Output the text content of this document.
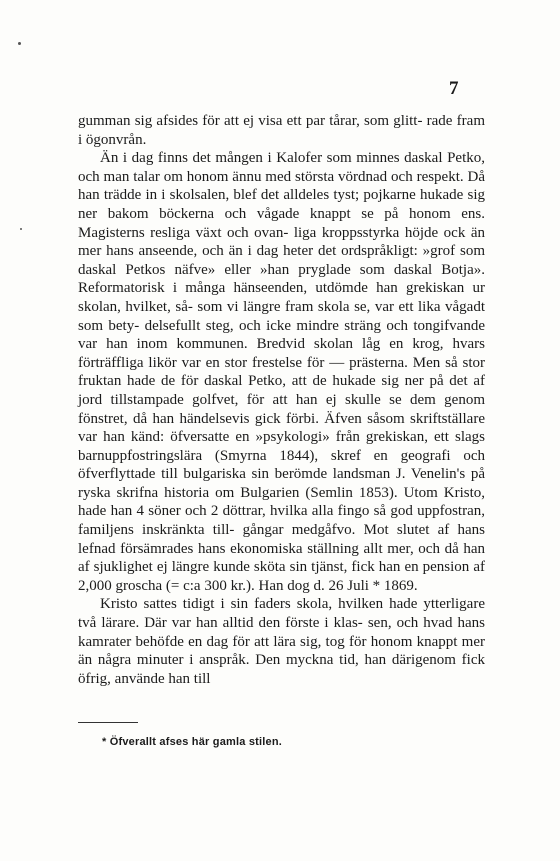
7

gumman sig afsides för att ej visa ett par tårar, som glitt- rade fram i ögonvrån.

Än i dag finns det mången i Kalofer som minnes daskal Petko, och man talar om honom ännu med största vördnad och respekt. Då han trädde in i skolsalen, blef det alldeles tyst; pojkarne hukade sig ner bakom böckerna och vågade knappt se på honom ens. Magisterns resliga växt och ovan- liga kroppsstyrka höjde ock än mer hans anseende, och än i dag heter det ordspråkligt: »grof som daskal Petkos näfve» eller »han pryglade som daskal Botja». Reformatorisk i många hänseenden, utdömde han grekiskan ur skolan, hvilket, så- som vi längre fram skola se, var ett lika vågadt som bety- delsefullt steg, och icke mindre sträng och tongifvande var han inom kommunen. Bredvid skolan låg en krog, hvars förträffliga likör var en stor frestelse för — prästerna. Men så stor fruktan hade de för daskal Petko, att de hukade sig ner på det af jord tillstampade golfvet, för att han ej skulle se dem genom fönstret, då han händelsevis gick förbi. Äfven såsom skriftställare var han känd: öfversatte en »psykologi» från grekiskan, ett slags barnuppfostringslära (Smyrna 1844), skref en geografi och öfverflyttade till bulgariska sin berömde landsman J. Venelin's på ryska skrifna historia om Bulgarien (Semlin 1853). Utom Kristo, hade han 4 söner och 2 döttrar, hvilka alla fingo så god uppfostran, familjens inskränkta till- gångar medgåfvo. Mot slutet af hans lefnad försämrades hans ekonomiska ställning allt mer, och då han af sjuklighet ej längre kunde sköta sin tjänst, fick han en pension af 2,000 groscha (= c:a 300 kr.). Han dog d. 26 Juli * 1869.

Kristo sattes tidigt i sin faders skola, hvilken hade ytterligare två lärare. Där var han alltid den förste i klas- sen, och hvad hans kamrater behöfde en dag för att lära sig, tog för honom knappt mer än några minuter i anspråk. Den myckna tid, han därigenom fick öfrig, använde han till

* Öfverallt afses här gamla stilen.
